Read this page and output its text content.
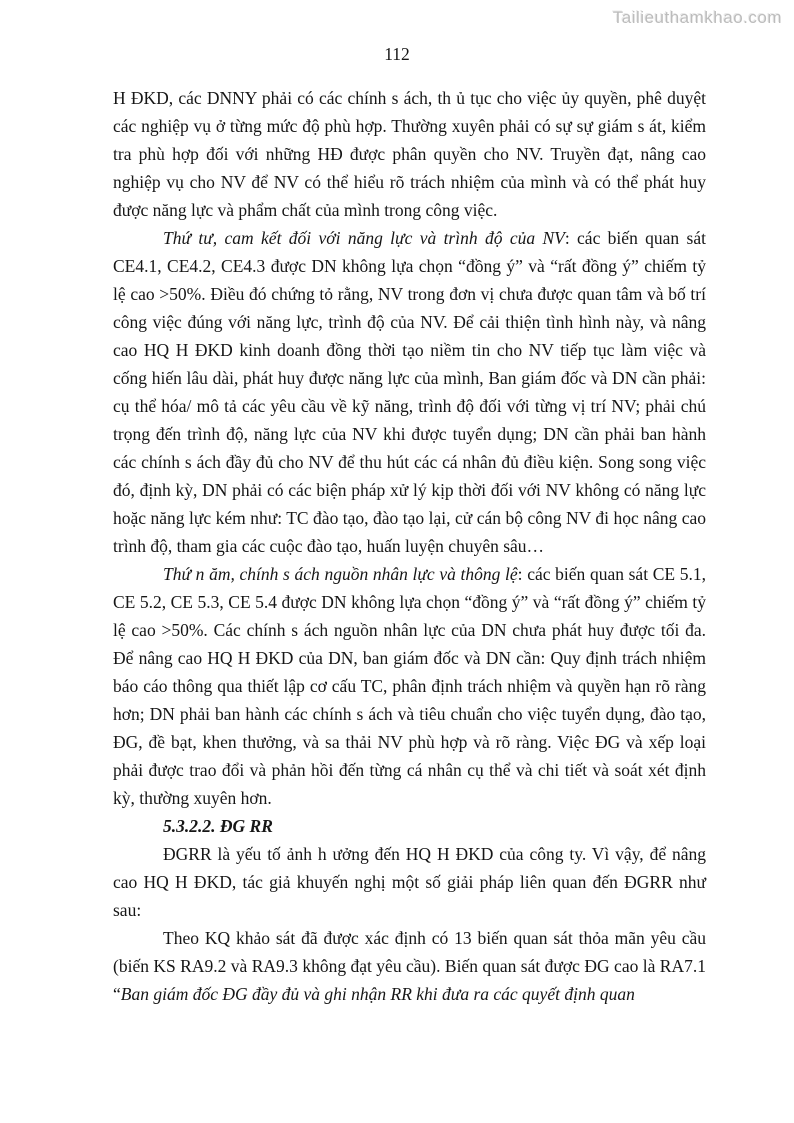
Tailieuthamkhao.com
112

H ĐKD, các DNNY phải có các chính s ách, th ủ tục cho việc ủy quyền, phê duyệt các nghiệp vụ ở từng mức độ phù hợp. Thường xuyên phải có sự sự giám s át, kiểm tra phù hợp đối với những HĐ được phân quyền cho NV. Truyền đạt, nâng cao nghiệp vụ cho NV để NV có thể hiểu rõ trách nhiệm của mình và có thể phát huy được năng lực và phẩm chất của mình trong công việc.

Thứ tư, cam kết đối với năng lực và trình độ của NV: các biến quan sát CE4.1, CE4.2, CE4.3 được DN không lựa chọn “đồng ý” và “rất đồng ý” chiếm tỷ lệ cao >50%. Điều đó chứng tỏ rằng, NV trong đơn vị chưa được quan tâm và bố trí công việc đúng với năng lực, trình độ của NV. Để cải thiện tình hình này, và nâng cao HQ H ĐKD kinh doanh đồng thời tạo niềm tin cho NV tiếp tục làm việc và cống hiến lâu dài, phát huy được năng lực của mình, Ban giám đốc và DN cần phải: cụ thể hóa/ mô tả các yêu cầu về kỹ năng, trình độ đối với từng vị trí NV; phải chú trọng đến trình độ, năng lực của NV khi được tuyển dụng; DN cần phải ban hành các chính s ách đầy đủ cho NV để thu hút các cá nhân đủ điều kiện. Song song việc đó, định kỳ, DN phải có các biện pháp xử lý kịp thời đối với NV không có năng lực hoặc năng lực kém như: TC đào tạo, đào tạo lại, cử cán bộ công NV đi học nâng cao trình độ, tham gia các cuộc đào tạo, huấn luyện chuyên sâu…

Thứ n ăm, chính s ách nguồn nhân lực và thông lệ: các biến quan sát CE 5.1, CE 5.2, CE 5.3, CE 5.4 được DN không lựa chọn “đồng ý” và “rất đồng ý” chiếm tỷ lệ cao >50%. Các chính s ách nguồn nhân lực của DN chưa phát huy được tối đa. Để nâng cao HQ H ĐKD của DN, ban giám đốc và DN cần: Quy định trách nhiệm báo cáo thông qua thiết lập cơ cấu TC, phân định trách nhiệm và quyền hạn rõ ràng hơn; DN phải ban hành các chính s ách và tiêu chuẩn cho việc tuyển dụng, đào tạo, ĐG, đề bạt, khen thưởng, và sa thải NV phù hợp và rõ ràng. Việc ĐG và xếp loại phải được trao đổi và phản hồi đến từng cá nhân cụ thể và chi tiết và soát xét định kỳ, thường xuyên hơn.

5.3.2.2. ĐG RR

ĐGRR là yếu tố ảnh h ưởng đến HQ H ĐKD của công ty. Vì vậy, để nâng cao HQ H ĐKD, tác giả khuyến nghị một số giải pháp liên quan đến ĐGRR như sau:

Theo KQ khảo sát đã được xác định có 13 biến quan sát thỏa mãn yêu cầu (biến KS RA9.2 và RA9.3 không đạt yêu cầu). Biến quan sát được ĐG cao là RA7.1 “Ban giám đốc ĐG đầy đủ và ghi nhận RR khi đưa ra các quyết định quan
